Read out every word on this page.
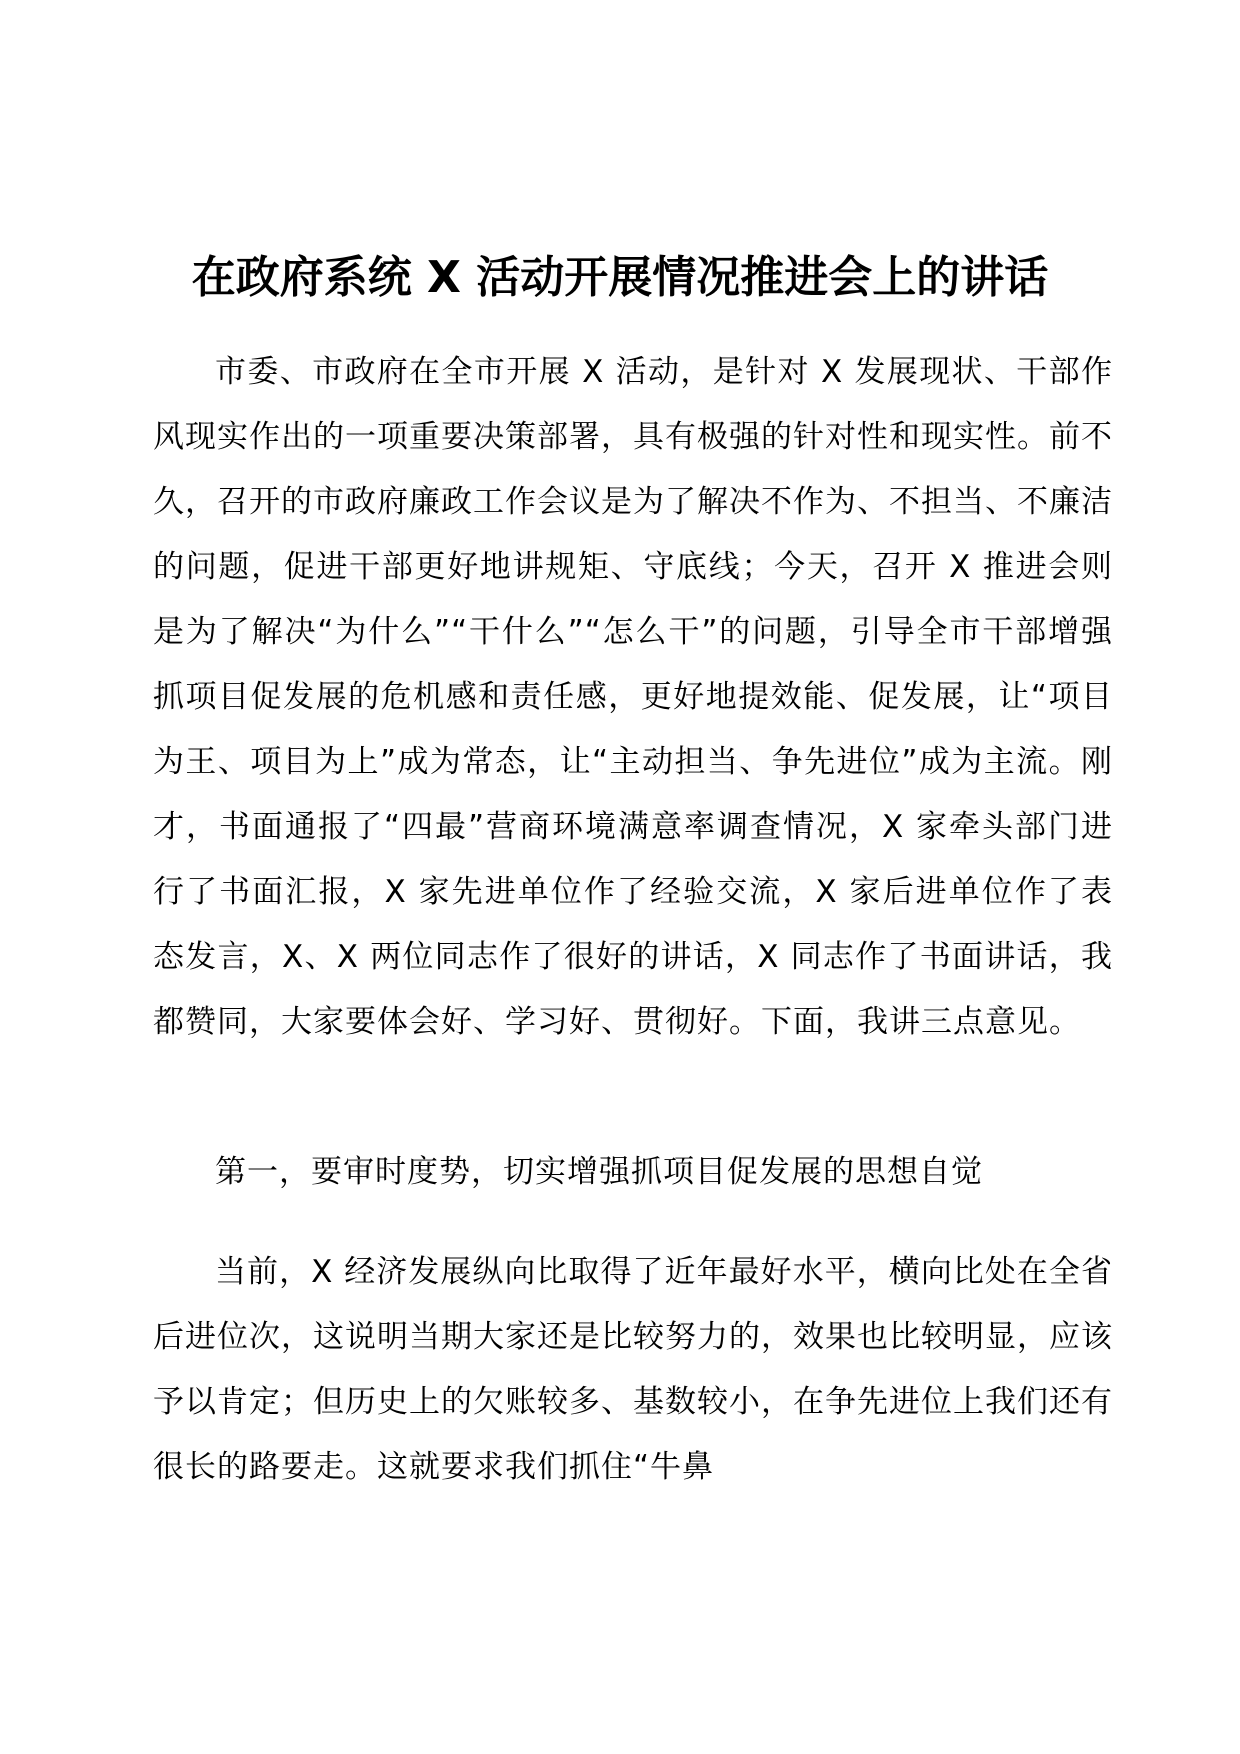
在政府系统 X 活动开展情况推进会上的讲话

市委、市政府在全市开展 X 活动，是针对 X 发展现状、干部作风现实作出的一项重要决策部署，具有极强的针对性和现实性。前不久，召开的市政府廉政工作会议是为了解决不作为、不担当、不廉洁的问题，促进干部更好地讲规矩、守底线；今天，召开 X 推进会则是为了解决“为什么”“干什么”“怎么干”的问题，引导全市干部增强抓项目促发展的危机感和责任感，更好地提效能、促发展，让“项目为王、项目为上”成为常态，让“主动担当、争先进位”成为主流。刚才，书面通报了“四最”营商环境满意率调查情况，X 家牵头部门进行了书面汇报，X 家先进单位作了经验交流，X 家后进单位作了表态发言，X、X 两位同志作了很好的讲话，X 同志作了书面讲话，我都赞同，大家要体会好、学习好、贯彻好。下面，我讲三点意见。

第一，要审时度势，切实增强抓项目促发展的思想自觉

当前，X 经济发展纵向比取得了近年最好水平，横向比处在全省后进位次，这说明当期大家还是比较努力的，效果也比较明显，应该予以肯定；但历史上的欠账较多、基数较小，在争先进位上我们还有很长的路要走。这就要求我们抓住“牛鼻
